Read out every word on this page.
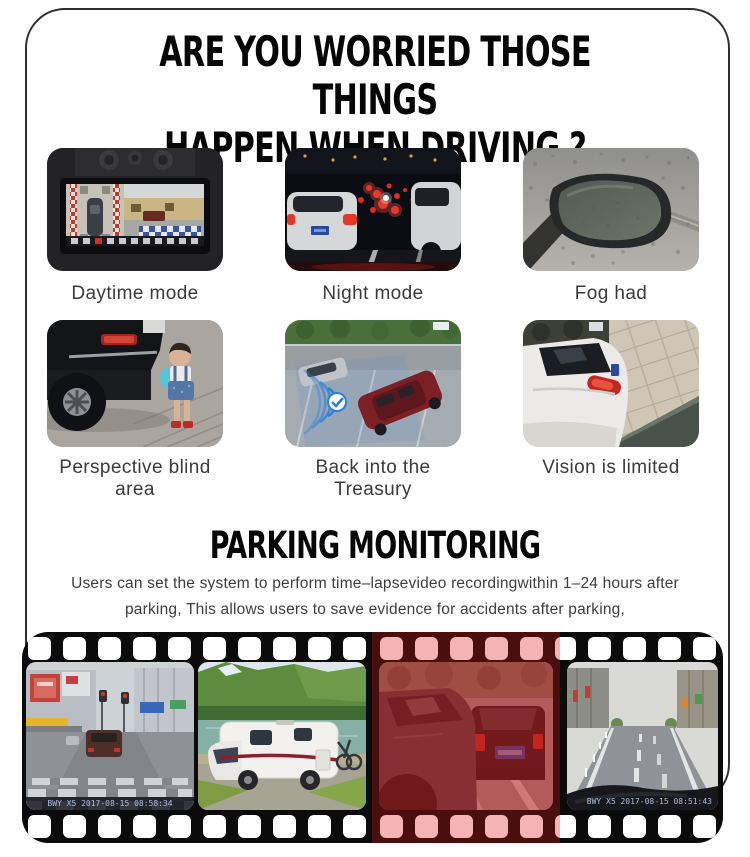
ARE YOU WORRIED THOSE THINGS
HAPPEN DRIVING
Daytime mode	Night mode	Fog had
Perspective blind area
Back into the Treasury
Vision is limited
PARKING MONITORING
Users can set the system to perform time–lapsevideo recordingwithin 1–24 hours after
parking, This allows users to save evidence for accidents after parking,
BWY X5 2017-08-15 08:58:34	BWY X5 2017-08-15 08:51:43
